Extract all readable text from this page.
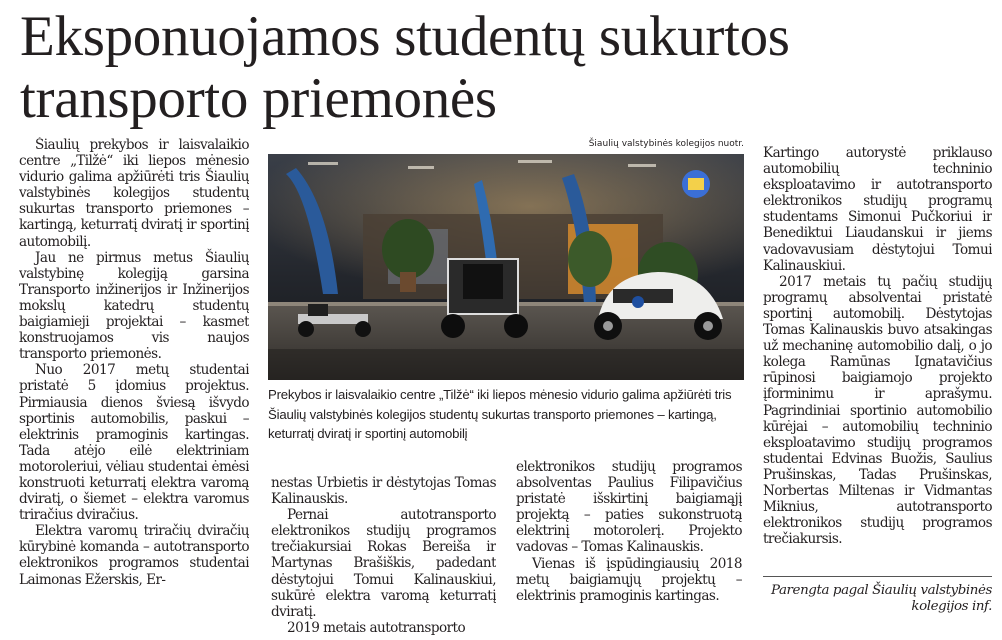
Eksponuojamos studentų sukurtos transporto priemonės

Šiaulių prekybos ir laisvalaikio centre „Tilžė“ iki liepos mėnesio vidurio galima apžiūrėti tris Šiaulių valstybinės kolegijos studentų sukurtas transporto priemones – kartingą, keturratį dviratį ir sportinį automobilį.

Jau ne pirmus metus Šiaulių valstybinę kolegiją garsina Transporto inžinerijos ir Inžinerijos mokslų katedrų studentų baigiamieji projektai – kasmet konstruojamos vis naujos transporto priemonės.

Nuo 2017 metų studentai pristatė 5 įdomius projektus. Pirmiausia dienos šviesą išvydo sportinis automobilis, paskui – elektrinis pramoginis kartingas. Tada atėjo eilė elektriniam motoroleriui, vėliau studentai ėmėsi konstruoti keturratį elektra varomą dviratį, o šiemet – elektra varomus triračius dviračius.

Elektra varomų triračių dviračių kūrybinė komanda – autotransporto elektronikos programos studentai Laimonas Ežerskis, Er-

Šiaulių valstybinės kolegijos nuotr.
Prekybos ir laisvalaikio centre „Tilžė“ iki liepos mėnesio vidurio galima apžiūrėti tris Šiaulių valstybinės kolegijos studentų sukurtas transporto priemones – kartingą, keturratį dviratį ir sportinį automobilį

nestas Urbietis ir dėstytojas Tomas Kalinauskis.

Pernai autotransporto elektronikos studijų programos trečiakursiai Rokas Bereiša ir Martynas Brašiškis, padedant dėstytojui Tomui Kalinauskiui, sukūrė elektra varomą keturratį dviratį.

2019 metais autotransporto

elektronikos studijų programos absolventas Paulius Filipavičius pristatė išskirtinį baigiamąjį projektą – paties sukonstruotą elektrinį motorolerį. Projekto vadovas – Tomas Kalinauskis.

Vienas iš įspūdingiausių 2018 metų baigiamųjų projektų – elektrinis pramoginis kartingas.

Kartingo autorystė priklauso automobilių techninio eksploatavimo ir autotransporto elektronikos studijų programų studentams Simonui Pučkoriui ir Benediktui Liaudanskui ir jiems vadovavusiam dėstytojui Tomui Kalinauskiui.

2017 metais tų pačių studijų programų absolventai pristatė sportinį automobilį. Dėstytojas Tomas Kalinauskis buvo atsakingas už mechaninę automobilio dalį, o jo kolega Ramūnas Ignatavičius rūpinosi baigiamojo projekto įforminimu ir aprašymu. Pagrindiniai sportinio automobilio kūrėjai – automobilių techninio eksploatavimo studijų programos studentai Edvinas Buožis, Saulius Prušinskas, Tadas Prušinskas, Norbertas Miltenas ir Vidmantas Miknius, autotransporto elektronikos studijų programos trečiakursis.

Parengta pagal Šiaulių valstybinės kolegijos inf.
